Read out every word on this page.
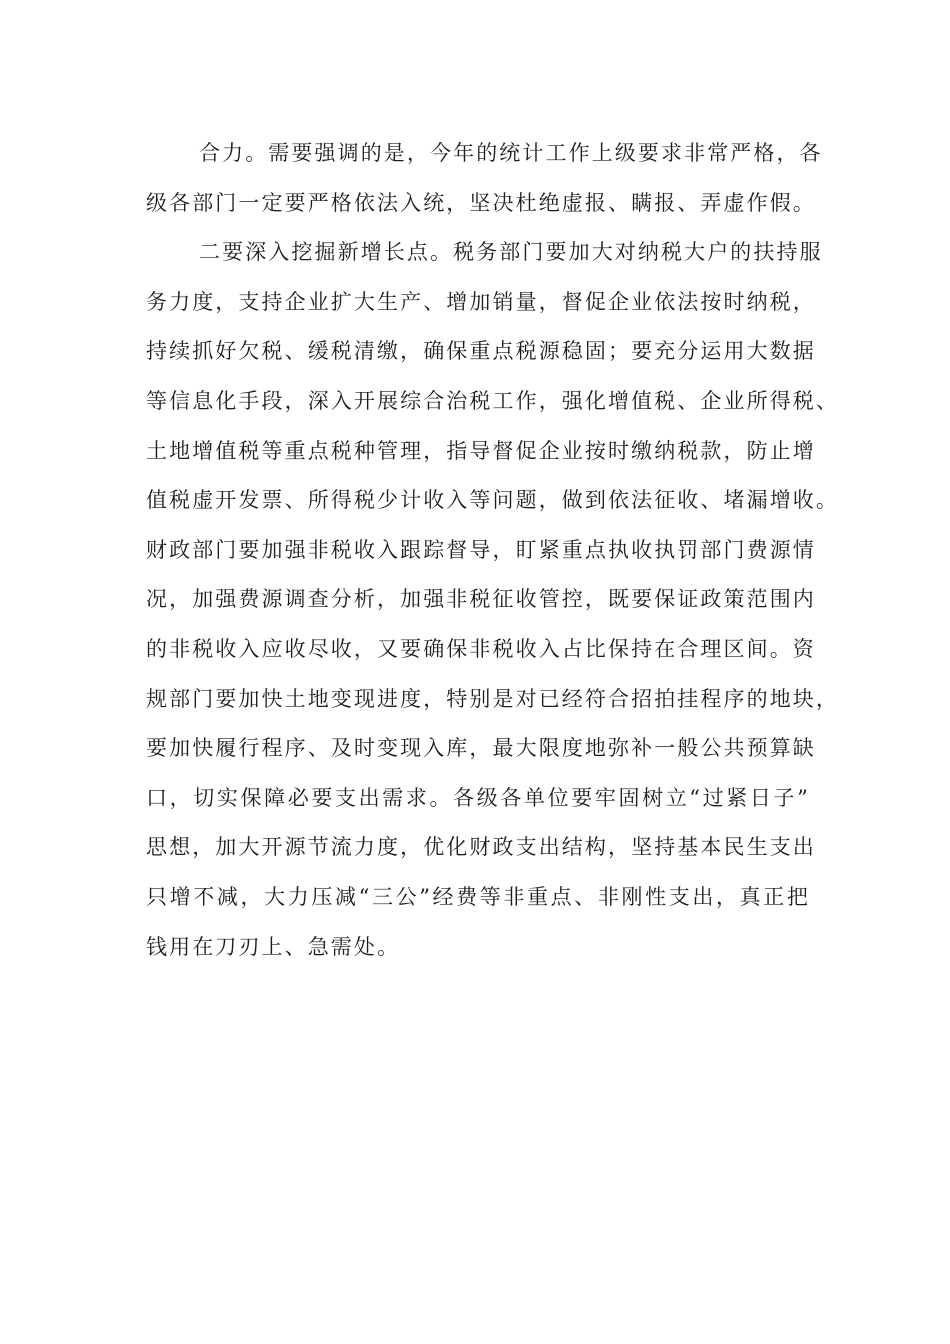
合力。需要强调的是，今年的统计工作上级要求非常严格，各
级各部门一定要严格依法入统，坚决杜绝虚报、瞒报、弄虚作假。
二要深入挖掘新增长点。税务部门要加大对纳税大户的扶持服
务力度，支持企业扩大生产、增加销量，督促企业依法按时纳税，
持续抓好欠税、缓税清缴，确保重点税源稳固；要充分运用大数据
等信息化手段，深入开展综合治税工作，强化增值税、企业所得税、
土地增值税等重点税种管理，指导督促企业按时缴纳税款，防止增
值税虚开发票、所得税少计收入等问题，做到依法征收、堵漏增收。
财政部门要加强非税收入跟踪督导，盯紧重点执收执罚部门费源情
况，加强费源调查分析，加强非税征收管控，既要保证政策范围内
的非税收入应收尽收，又要确保非税收入占比保持在合理区间。资
规部门要加快土地变现进度，特别是对已经符合招拍挂程序的地块，
要加快履行程序、及时变现入库，最大限度地弥补一般公共预算缺
口，切实保障必要支出需求。各级各单位要牢固树立“过紧日子”
思想，加大开源节流力度，优化财政支出结构，坚持基本民生支出
只增不减，大力压减“三公”经费等非重点、非刚性支出，真正把
钱用在刀刃上、急需处。
